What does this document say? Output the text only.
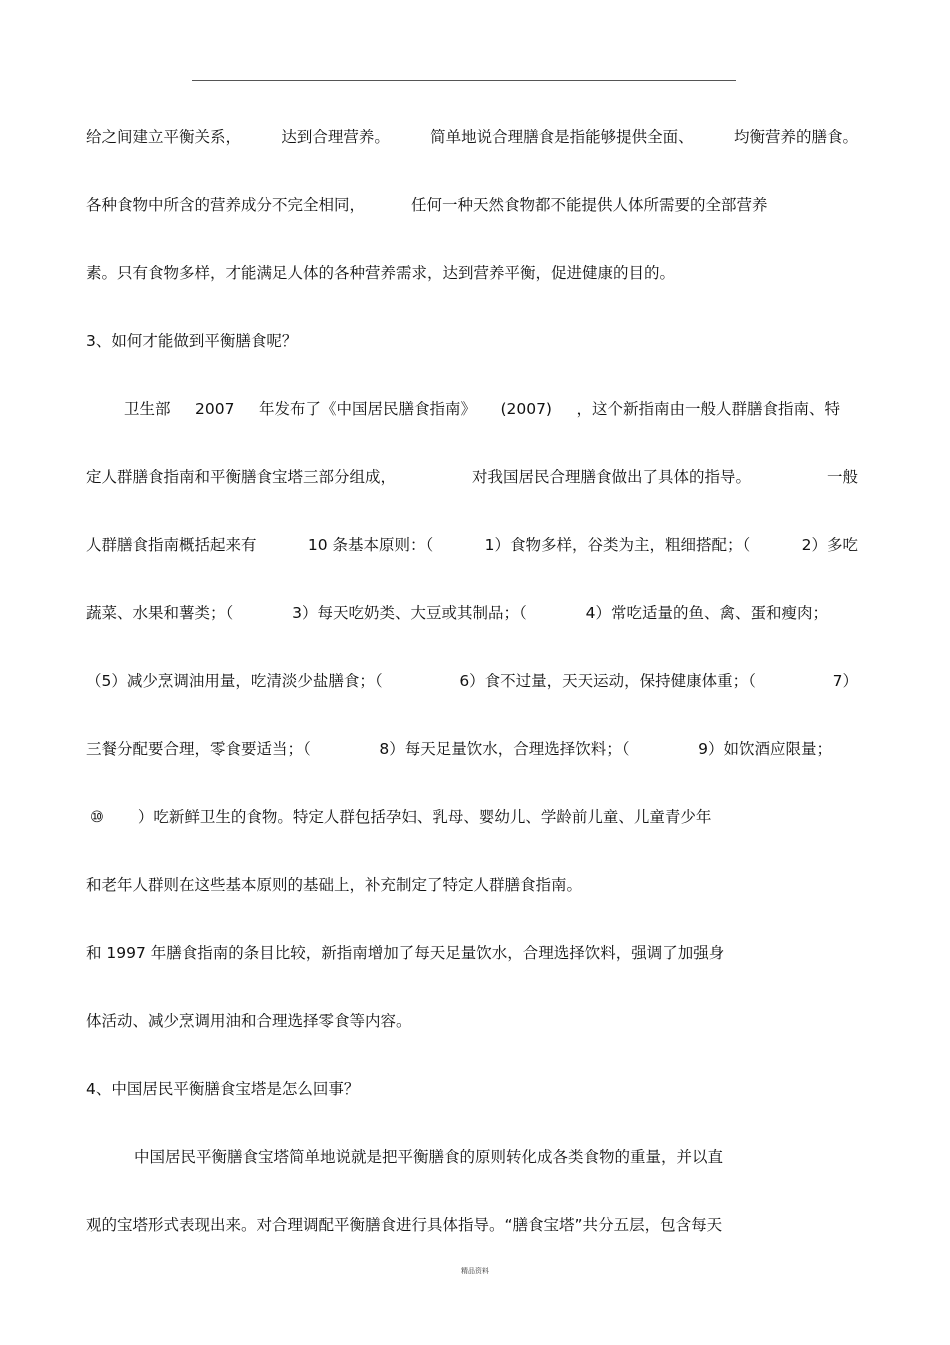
给之间建立平衡关系，	达到合理营养。	简单地说合理膳食是指能够提供全面、	均衡营养的膳食。
各种食物中所含的营养成分不完全相同，	任何一种天然食物都不能提供人体所需要的全部营养
素。只有食物多样，才能满足人体的各种营养需求，达到营养平衡，促进健康的目的。
3、如何才能做到平衡膳食呢？
卫生部 2007 年发布了《中国居民膳食指南》 (2007) ，这个新指南由一般人群膳食指南、特
定人群膳食指南和平衡膳食宝塔三部分组成，	对我国居民合理膳食做出了具体的指导。	一般
人群膳食指南概括起来有	10 条基本原则：（	1）食物多样，谷类为主，粗细搭配；（	2）多吃
蔬菜、水果和薯类；（	3）每天吃奶类、大豆或其制品；（	4）常吃适量的鱼、禽、蛋和瘦肉；
（5）减少烹调油用量，吃清淡少盐膳食；（	6）食不过量，天天运动，保持健康体重；（	7）
三餐分配要合理，零食要适当；（	8）每天足量饮水，合理选择饮料；（	9）如饮酒应限量；
⑩ ）吃新鲜卫生的食物。特定人群包括孕妇、乳母、婴幼儿、学龄前儿童、儿童青少年
和老年人群则在这些基本原则的基础上，补充制定了特定人群膳食指南。
和 1997 年膳食指南的条目比较，新指南增加了每天足量饮水，合理选择饮料，强调了加强身
体活动、减少烹调用油和合理选择零食等内容。
4、中国居民平衡膳食宝塔是怎么回事？
中国居民平衡膳食宝塔简单地说就是把平衡膳食的原则转化成各类食物的重量，并以直
观的宝塔形式表现出来。对合理调配平衡膳食进行具体指导。“膳食宝塔”共分五层，包含每天
精品资料
